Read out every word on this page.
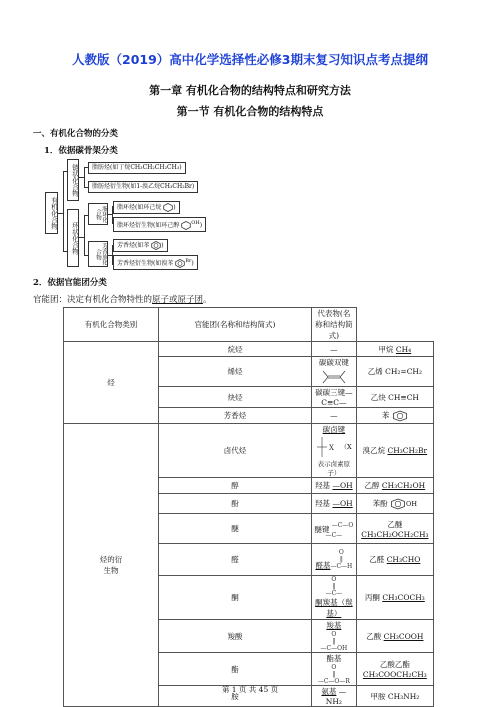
人教版（2019）高中化学选择性必修3期末复习知识点考点提纲
第一章 有机化合物的结构特点和研究方法
第一节 有机化合物的结构特点
一、有机化合物的分类
1．依据碳骨架分类
有机化合物
链状化合物
环状化合物
脂肪烃(如丁烷CH₃CH₂CH₂CH₃)
脂肪烃衍生物(如1-溴乙烷CH₃CH₂Br)
脂环化合物
芳香族化合物
脂环烃(如环己烷 )
脂环烃衍生物(如环己醇 $^{OH}$)
芳香烃(如苯 )
芳香烃衍生物(如溴苯 $^{Br}$)
2．依据官能团分类
官能团：决定有机化合物特性的原子或原子团。
有机化合物类别	官能团(名称和结构简式)	代表物(名称和结构简式)	
烃	烷烃	—	甲烷 CH₄
	烯烃	碳碳双键	乙烯 CH₂=CH₂
	炔烃	碳碳三键—C≡C—	乙炔 CH≡CH
	芳香烃	—	苯
烃的衍生物	卤代烃	碳卤键
X （X表示卤素原子）	溴乙烷 CH₃CH₂Br
	醇	羟基 —OH	乙醇 CH₃CH₂OH
	酚	羟基 —OH	苯酚 OH
	醚	醚键 —C—O—C—	乙醚 CH₃CH₂OCH₂CH₃
	醛	醛基O
‖
—C—H	乙醛 CH₃CHO
	酮	O
‖
—C—
酮羰基（羰基）	丙酮 CH₃COCH₃
	羧酸	羧基O
‖
—C—OH	乙酸 CH₃COOH
	酯	酯基O
‖
—C—O—R	乙酸乙酯 CH₃COOCH₂CH₃
	胺	氨基 —NH₂	甲胺 CH₃NH₂
第 1 页 共 45 页
